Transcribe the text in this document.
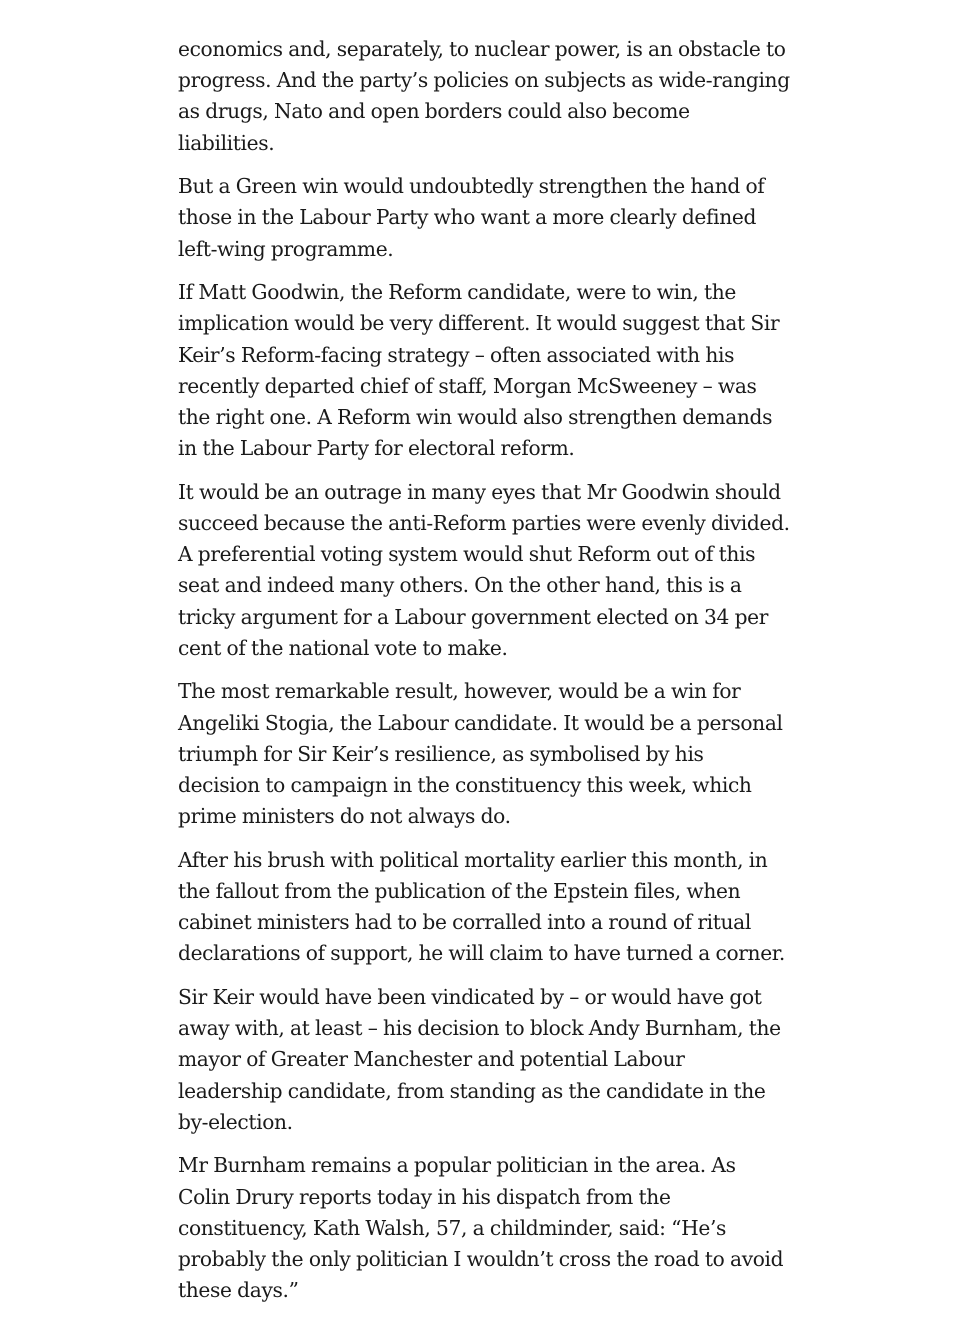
economics and, separately, to nuclear power, is an obstacle to progress. And the party’s policies on subjects as wide-ranging as drugs, Nato and open borders could also become liabilities.

But a Green win would undoubtedly strengthen the hand of those in the Labour Party who want a more clearly defined left-wing programme.

If Matt Goodwin, the Reform candidate, were to win, the implication would be very different. It would suggest that Sir Keir’s Reform-facing strategy – often associated with his recently departed chief of staff, Morgan McSweeney – was the right one. A Reform win would also strengthen demands in the Labour Party for electoral reform.

It would be an outrage in many eyes that Mr Goodwin should succeed because the anti-Reform parties were evenly divided. A preferential voting system would shut Reform out of this seat and indeed many others. On the other hand, this is a tricky argument for a Labour government elected on 34 per cent of the national vote to make.

The most remarkable result, however, would be a win for Angeliki Stogia, the Labour candidate. It would be a personal triumph for Sir Keir’s resilience, as symbolised by his decision to campaign in the constituency this week, which prime ministers do not always do.

After his brush with political mortality earlier this month, in the fallout from the publication of the Epstein files, when cabinet ministers had to be corralled into a round of ritual declarations of support, he will claim to have turned a corner.

Sir Keir would have been vindicated by – or would have got away with, at least – his decision to block Andy Burnham, the mayor of Greater Manchester and potential Labour leadership candidate, from standing as the candidate in the by-election.

Mr Burnham remains a popular politician in the area. As Colin Drury reports today in his dispatch from the constituency, Kath Walsh, 57, a childminder, said: “He’s probably the only politician I wouldn’t cross the road to avoid these days.”
